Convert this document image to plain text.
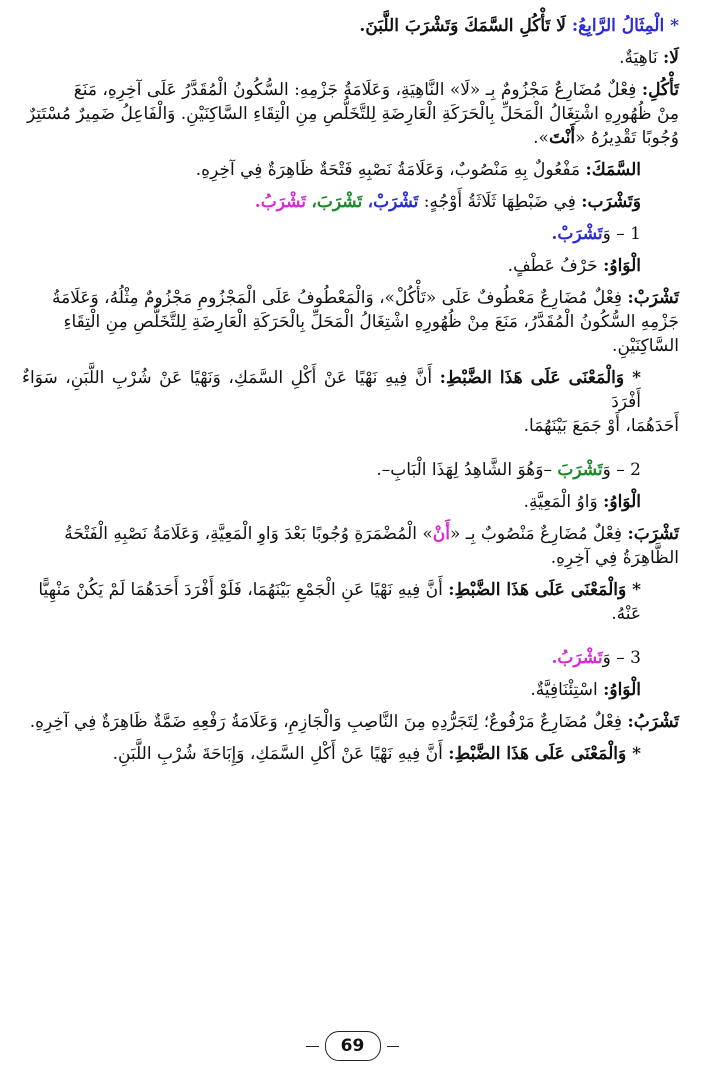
* الْمِثَالُ الرَّابِعُ: لَا تَأْكُلِ السَّمَكَ وَتَشْرَبَ اللَّبَنَ.

لَا: نَاهِيَةٌ.

تَأْكُلِ: فِعْلٌ مُضَارِعٌ مَجْزُومٌ بِـ «لَا» النَّاهِيَةِ، وَعَلَامَةُ جَزْمِهِ: السُّكُونُ الْمُقَدَّرُ عَلَى آخِرِهِ، مَنَعَ

مِنْ ظُهُورِهِ اشْتِغَالُ الْمَحَلِّ بِالْحَرَكَةِ الْعَارِضَةِ لِلتَّخَلُّصِ مِنِ الْتِقَاءِ السَّاكِنَيْنِ. وَالْفَاعِلُ ضَمِيرٌ مُسْتَتِرٌ

وُجُوبًا تَقْدِيرُهُ «أَنْتَ».

السَّمَكَ: مَفْعُولٌ بِهِ مَنْصُوبٌ، وَعَلَامَةُ نَصْبِهِ فَتْحَةٌ ظَاهِرَةٌ فِي آخِرِهِ.

وَتَشْرَب: فِي ضَبْطِهَا ثَلَاثَةُ أَوْجُهٍ: تَشْرَبْ، تَشْرَبَ، تَشْرَبُ.

1 – وَتَشْرَبْ.

الْوَاوُ: حَرْفُ عَطْفٍ.

تَشْرَبْ: فِعْلٌ مُضَارِعٌ مَعْطُوفٌ عَلَى «تَأْكُلْ»، وَالْمَعْطُوفُ عَلَى الْمَجْزُومِ مَجْزُومٌ مِثْلُهُ، وَعَلَامَةُ

جَزْمِهِ السُّكُونُ الْمُقَدَّرُ، مَنَعَ مِنْ ظُهُورِهِ اشْتِغَالُ الْمَحَلِّ بِالْحَرَكَةِ الْعَارِضَةِ لِلتَّخَلُّصِ مِنِ الْتِقَاءِ السَّاكِنَيْنِ.

* وَالْمَعْنَى عَلَى هَذَا الضَّبْطِ: أَنَّ فِيهِ نَهْيًا عَنْ أَكْلِ السَّمَكِ، وَنَهْيًا عَنْ شُرْبِ اللَّبَنِ، سَوَاءٌ أَفْرَدَ

أَحَدَهُمَا، أَوْ جَمَعَ بَيْنَهُمَا.

2 – وَتَشْرَبَ –وَهُوَ الشَّاهِدُ لِهَذَا الْبَابِ–.

الْوَاوُ: وَاوُ الْمَعِيَّةِ.

تَشْرَبَ: فِعْلٌ مُضَارِعٌ مَنْصُوبٌ بِـ «أَنْ» الْمُضْمَرَةِ وُجُوبًا بَعْدَ وَاوِ الْمَعِيَّةِ، وَعَلَامَةُ نَصْبِهِ الْفَتْحَةُ

الظَّاهِرَةُ فِي آخِرِهِ.

* وَالْمَعْنَى عَلَى هَذَا الضَّبْطِ: أَنَّ فِيهِ نَهْيًا عَنِ الْجَمْعِ بَيْنَهُمَا، فَلَوْ أَفْرَدَ أَحَدَهُمَا لَمْ يَكُنْ مَنْهِيًّا عَنْهُ.

3 – وَتَشْرَبُ.

الْوَاوُ: اسْتِئْنَافِيَّةٌ.

تَشْرَبُ: فِعْلٌ مُضَارِعٌ مَرْفُوعٌ؛ لِتَجَرُّدِهِ مِنَ النَّاصِبِ وَالْجَازِمِ، وَعَلَامَةُ رَفْعِهِ ضَمَّةٌ ظَاهِرَةٌ فِي آخِرِهِ.

* وَالْمَعْنَى عَلَى هَذَا الضَّبْطِ: أَنَّ فِيهِ نَهْيًا عَنْ أَكْلِ السَّمَكِ، وَإِبَاحَةَ شُرْبِ اللَّبَنِ.

69
